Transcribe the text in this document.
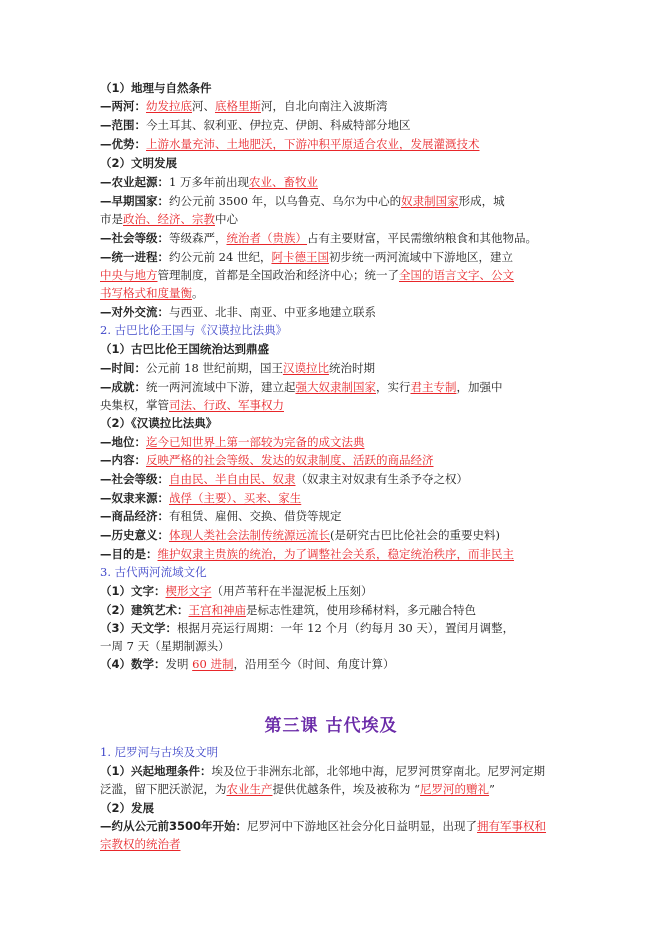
（1）地理与自然条件
—两河：幼发拉底河、底格里斯河，自北向南注入波斯湾
—范围：今土耳其、叙利亚、伊拉克、伊朗、科威特部分地区
—优势：上游水量充沛、土地肥沃，下游冲积平原适合农业，发展灌溉技术
（2）文明发展
—农业起源：1 万多年前出现农业、畜牧业
—早期国家：约公元前 3500 年，以乌鲁克、乌尔为中心的奴隶制国家形成，城
市是政治、经济、宗教中心
—社会等级：等级森严，统治者（贵族）占有主要财富，平民需缴纳粮食和其他物品。
—统一进程：约公元前 24 世纪，阿卡德王国初步统一两河流域中下游地区，建立
中央与地方管理制度，首都是全国政治和经济中心；统一了全国的语言文字、公文
书写格式和度量衡。
—对外交流：与西亚、北非、南亚、中亚多地建立联系
2. 古巴比伦王国与《汉谟拉比法典》
（1）古巴比伦王国统治达到鼎盛
—时间：公元前 18 世纪前期，国王汉谟拉比统治时期
—成就：统一两河流域中下游，建立起强大奴隶制国家，实行君主专制，加强中
央集权，掌管司法、行政、军事权力
（2）《汉谟拉比法典》
—地位：迄今已知世界上第一部较为完备的成文法典
—内容：反映严格的社会等级、发达的奴隶制度、活跃的商品经济
—社会等级：自由民、半自由民、奴隶（奴隶主对奴隶有生杀予夺之权）
—奴隶来源：战俘（主要）、买来、家生
—商品经济：有租赁、雇佣、交换、借贷等规定
—历史意义：体现人类社会法制传统源远流长(是研究古巴比伦社会的重要史料)
—目的是：维护奴隶主贵族的统治，为了调整社会关系，稳定统治秩序，而非民主
3. 古代两河流域文化
（1）文字：楔形文字（用芦苇秆在半湿泥板上压刻）
（2）建筑艺术：王宫和神庙是标志性建筑，使用珍稀材料，多元融合特色
（3）天文学：根据月亮运行周期：一年 12 个月（约每月 30 天），置闰月调整，
一周 7 天（星期制源头）
（4）数学：发明 60 进制，沿用至今（时间、角度计算）
第三课 古代埃及
1. 尼罗河与古埃及文明
（1）兴起地理条件：埃及位于非洲东北部，北邻地中海，尼罗河贯穿南北。尼罗河定期
泛滥，留下肥沃淤泥，为农业生产提供优越条件，埃及被称为 “尼罗河的赠礼”
（2）发展
—约从公元前3500年开始：尼罗河中下游地区社会分化日益明显，出现了拥有军事权和
宗教权的统治者
